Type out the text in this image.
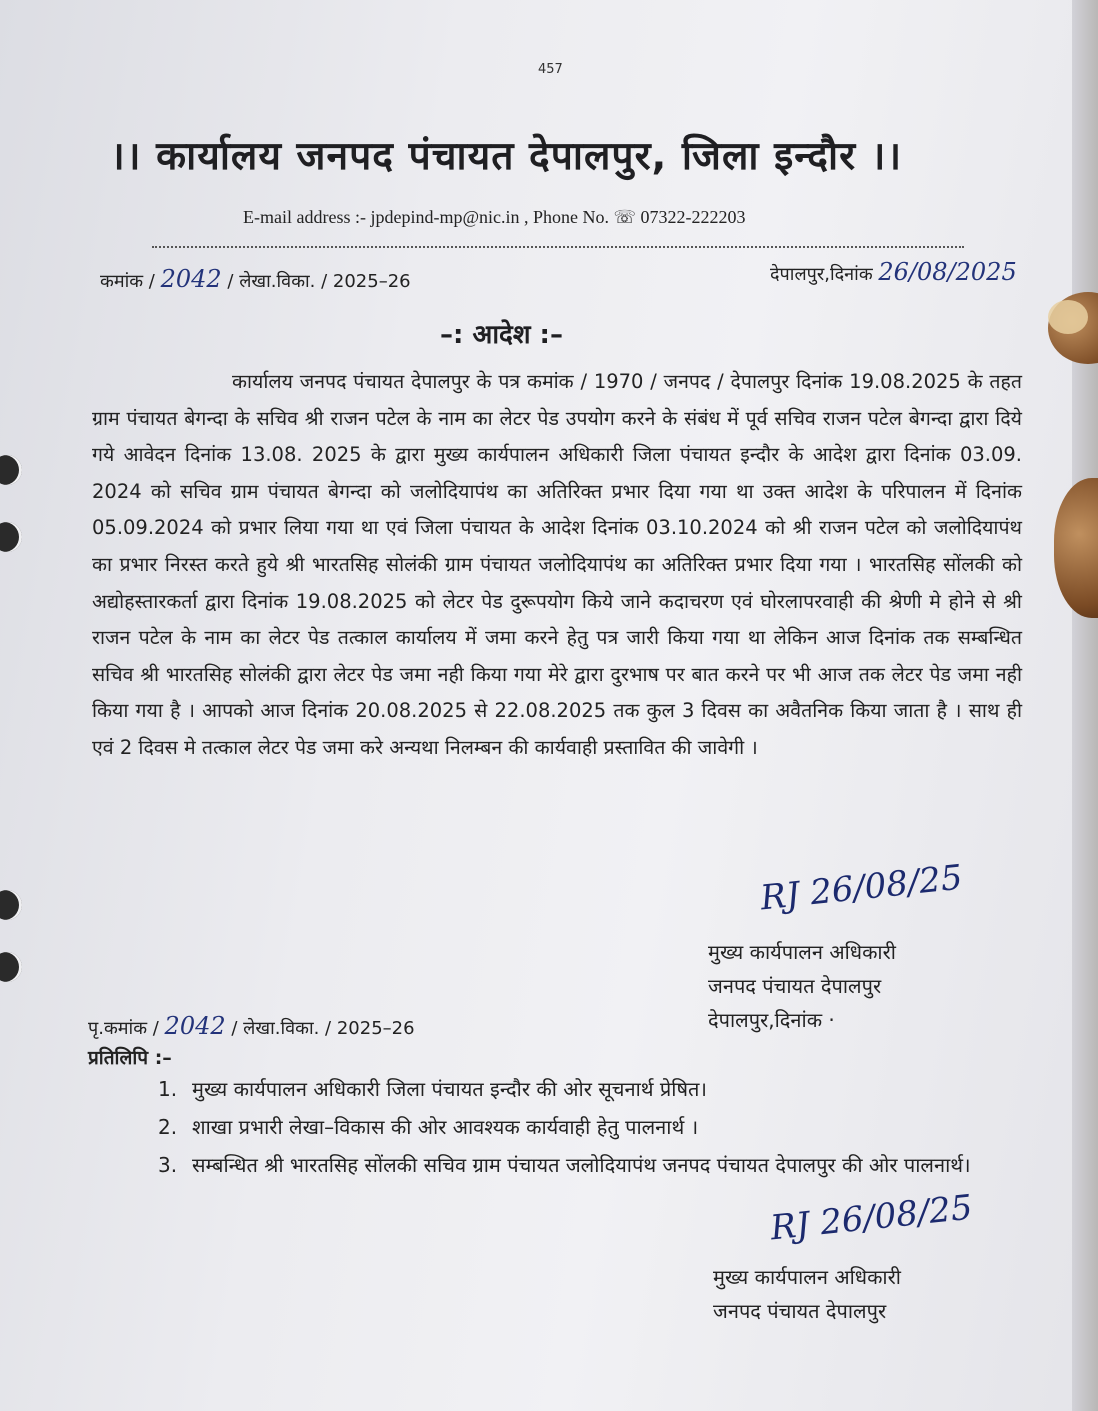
457
।। कार्यालय जनपद पंचायत देपालपुर, जिला इन्दौर ।।
E-mail address :- jpdepind-mp@nic.in , Phone No. ☏ 07322-222203
कमांक / 2042 / लेखा.विका. / 2025–26	देपालपुर,दिनांक 26/08/2025
–: आदेश :–
कार्यालय जनपद पंचायत देपालपुर के पत्र कमांक / 1970 / जनपद / देपालपुर दिनांक 19.08.2025 के तहत ग्राम पंचायत बेगन्दा के सचिव श्री राजन पटेल के नाम का लेटर पेड उपयोग करने के संबंध में पूर्व सचिव राजन पटेल बेगन्दा द्वारा दिये गये आवेदन दिनांक 13.08. 2025 के द्वारा मुख्य कार्यपालन अधिकारी जिला पंचायत इन्दौर के आदेश द्वारा दिनांक 03.09. 2024 को सचिव ग्राम पंचायत बेगन्दा को जलोदियापंथ का अतिरिक्त प्रभार दिया गया था उक्त आदेश के परिपालन में दिनांक 05.09.2024 को प्रभार लिया गया था एवं जिला पंचायत के आदेश दिनांक 03.10.2024 को श्री राजन पटेल को जलोदियापंथ का प्रभार निरस्त करते हुये श्री भारतसिह सोलंकी ग्राम पंचायत जलोदियापंथ का अतिरिक्त प्रभार दिया गया । भारतसिह सोंलकी को अद्योहस्तारकर्ता द्वारा दिनांक 19.08.2025 को लेटर पेड दुरूपयोग किये जाने कदाचरण एवं घोरलापरवाही की श्रेणी मे होने से श्री राजन पटेल के नाम का लेटर पेड तत्काल कार्यालय में जमा करने हेतु पत्र जारी किया गया था लेकिन आज दिनांक तक सम्बन्धित सचिव श्री भारतसिह सोलंकी द्वारा लेटर पेड जमा नही किया गया मेरे द्वारा दुरभाष पर बात करने पर भी आज तक लेटर पेड जमा नही किया गया है । आपको आज दिनांक 20.08.2025 से 22.08.2025 तक कुल 3 दिवस का अवैतनिक किया जाता है । साथ ही एवं 2 दिवस मे तत्काल लेटर पेड जमा करे अन्यथा निलम्बन की कार्यवाही प्रस्तावित की जावेगी ।
RJ 26/08/25
मुख्य कार्यपालन अधिकारी
जनपद पंचायत देपालपुर
देपालपुर,दिनांक ·
पृ.कमांक / 2042 / लेखा.विका. / 2025–26
प्रतिलिपि :–
1. मुख्य कार्यपालन अधिकारी जिला पंचायत इन्दौर की ओर सूचनार्थ प्रेषित।
2. शाखा प्रभारी लेखा–विकास की ओर आवश्यक कार्यवाही हेतु पालनार्थ ।
3. सम्बन्धित श्री भारतसिह सोंलकी सचिव ग्राम पंचायत जलोदियापंथ जनपद पंचायत देपालपुर की ओर पालनार्थ।
RJ 26/08/25
मुख्य कार्यपालन अधिकारी
जनपद पंचायत देपालपुर
